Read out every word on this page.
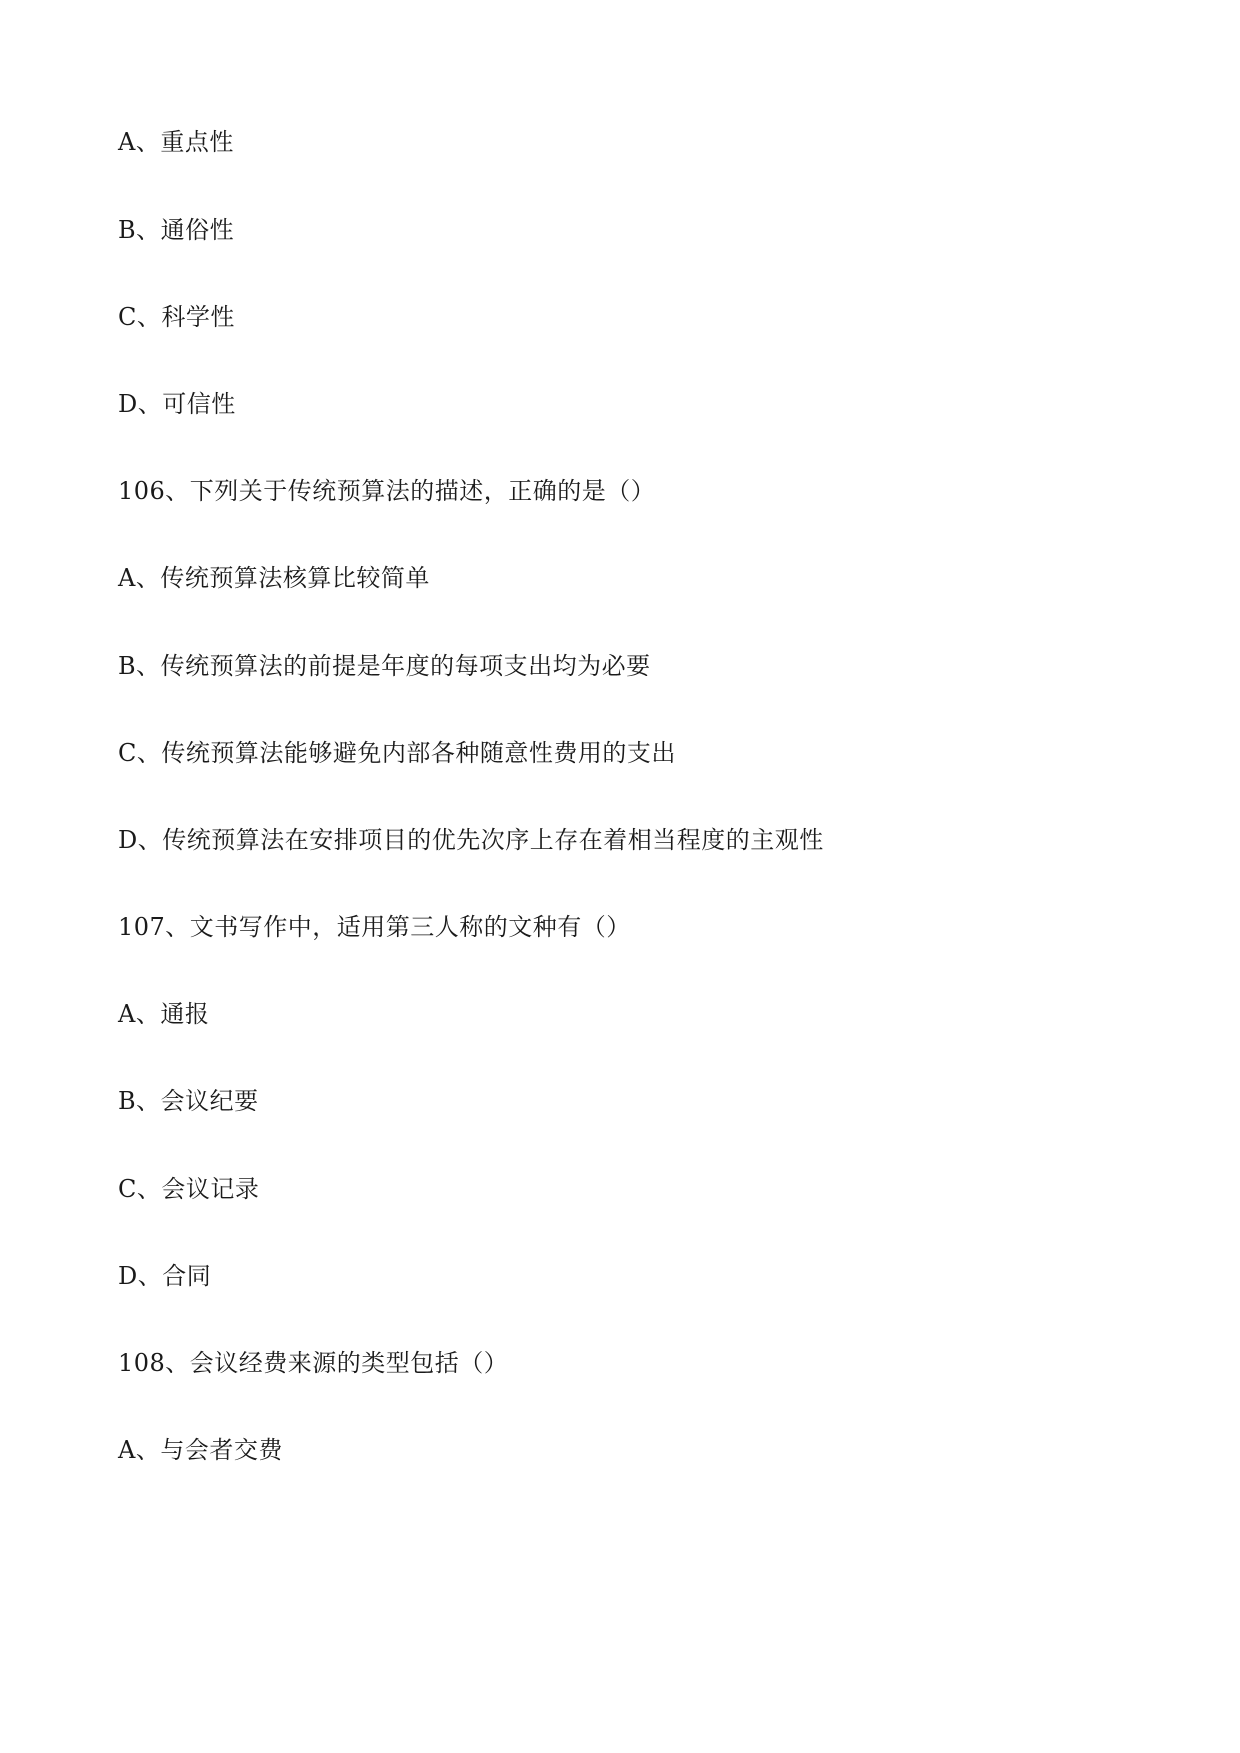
A、重点性
B、通俗性
C、科学性
D、可信性
106、下列关于传统预算法的描述，正确的是（）
A、传统预算法核算比较简单
B、传统预算法的前提是年度的每项支出均为必要
C、传统预算法能够避免内部各种随意性费用的支出
D、传统预算法在安排项目的优先次序上存在着相当程度的主观性
107、文书写作中，适用第三人称的文种有（）
A、通报
B、会议纪要
C、会议记录
D、合同
108、会议经费来源的类型包括（）
A、与会者交费
